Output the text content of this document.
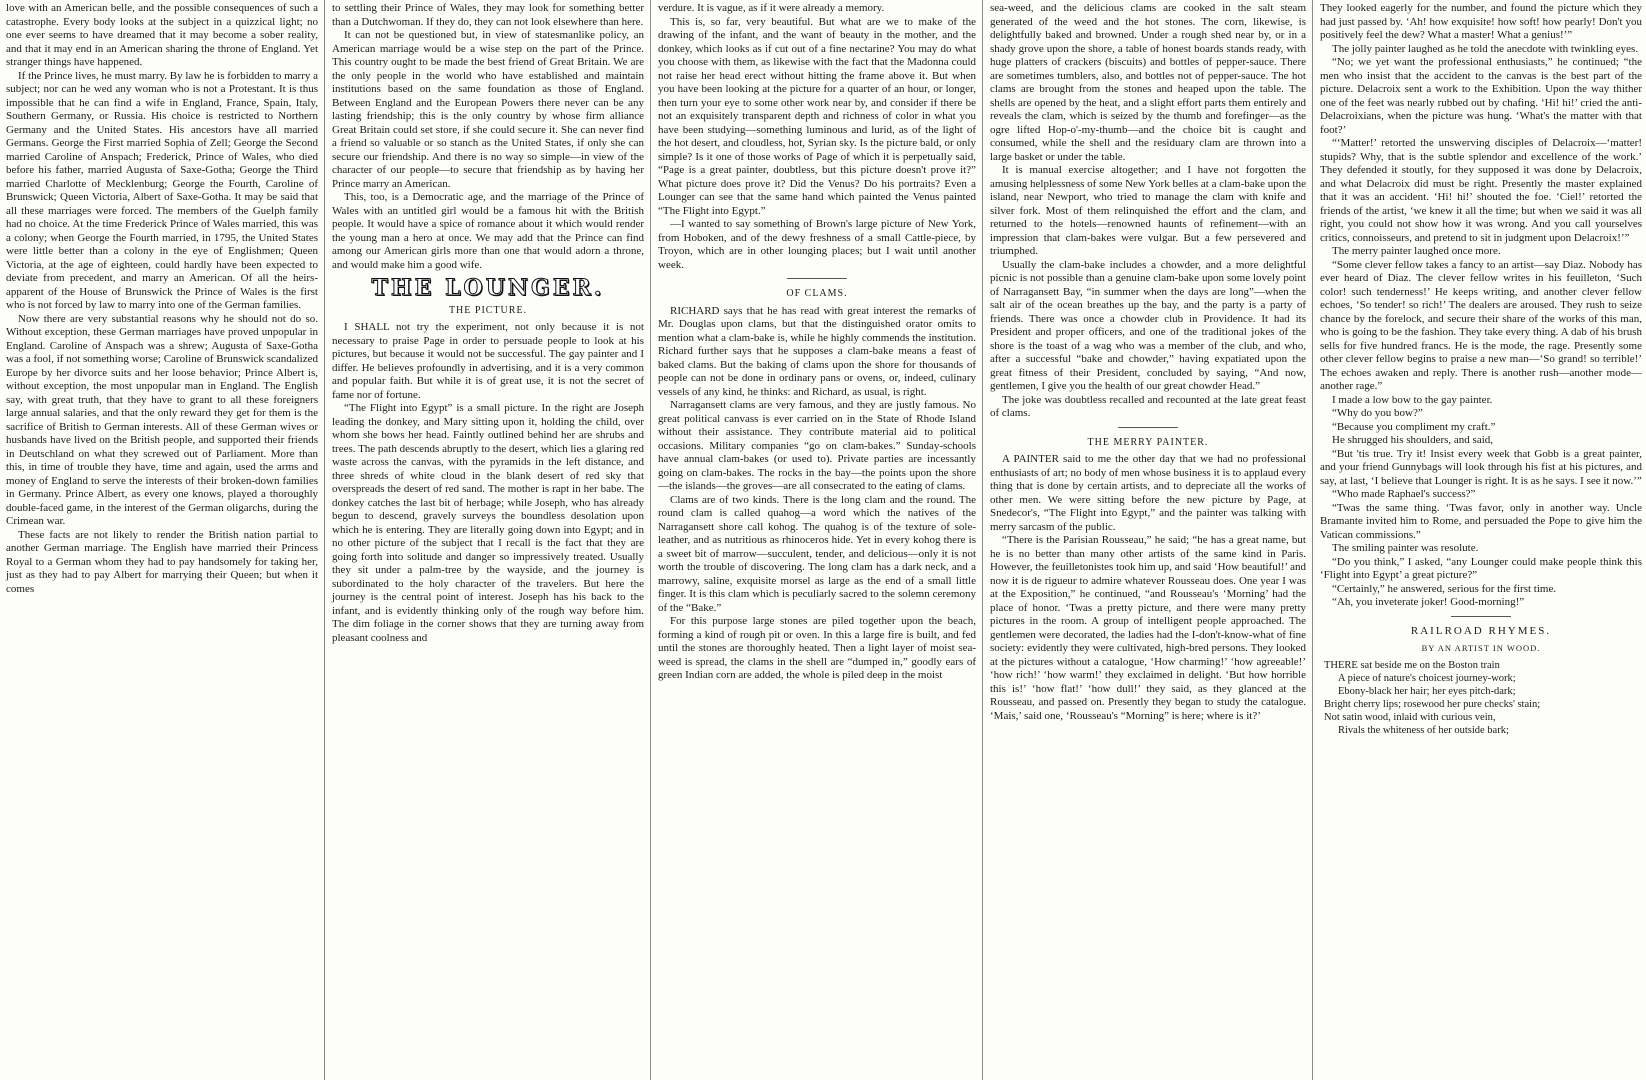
love with an American belle, and the possible consequences of such a catastrophe. Every body looks at the subject in a quizzical light; no one ever seems to have dreamed that it may become a sober reality, and that it may end in an American sharing the throne of England. Yet stranger things have happened.

If the Prince lives, he must marry. By law he is forbidden to marry a subject; nor can he wed any woman who is not a Protestant. It is thus impossible that he can find a wife in England, France, Spain, Italy, Southern Germany, or Russia. His choice is restricted to Northern Germany and the United States. His ancestors have all married Germans. George the First married Sophia of Zell; George the Second married Caroline of Anspach; Frederick, Prince of Wales, who died before his father, married Augusta of Saxe-Gotha; George the Third married Charlotte of Mecklenburg; George the Fourth, Caroline of Brunswick; Queen Victoria, Albert of Saxe-Gotha. It may be said that all these marriages were forced. The members of the Guelph family had no choice. At the time Frederick Prince of Wales married, this was a colony; when George the Fourth married, in 1795, the United States were little better than a colony in the eye of Englishmen; Queen Victoria, at the age of eighteen, could hardly have been expected to deviate from precedent, and marry an American. Of all the heirs-apparent of the House of Brunswick the Prince of Wales is the first who is not forced by law to marry into one of the German families.

Now there are very substantial reasons why he should not do so. Without exception, these German marriages have proved unpopular in England. Caroline of Anspach was a shrew; Augusta of Saxe-Gotha was a fool, if not something worse; Caroline of Brunswick scandalized Europe by her divorce suits and her loose behavior; Prince Albert is, without exception, the most unpopular man in England. The English say, with great truth, that they have to grant to all these foreigners large annual salaries, and that the only reward they get for them is the sacrifice of British to German interests. All of these German wives or husbands have lived on the British people, and supported their friends in Deutschland on what they screwed out of Parliament. More than this, in time of trouble they have, time and again, used the arms and money of England to serve the interests of their broken-down families in Germany. Prince Albert, as every one knows, played a thoroughly double-faced game, in the interest of the German oligarchs, during the Crimean war.

These facts are not likely to render the British nation partial to another German marriage. The English have married their Princess Royal to a German whom they had to pay handsomely for taking her, just as they had to pay Albert for marrying their Queen; but when it comes

to settling their Prince of Wales, they may look for something better than a Dutchwoman. If they do, they can not look elsewhere than here.

It can not be questioned but, in view of statesmanlike policy, an American marriage would be a wise step on the part of the Prince. This country ought to be made the best friend of Great Britain. We are the only people in the world who have established and maintain institutions based on the same foundation as those of England. Between England and the European Powers there never can be any lasting friendship; this is the only country by whose firm alliance Great Britain could set store, if she could secure it. She can never find a friend so valuable or so stanch as the United States, if only she can secure our friendship. And there is no way so simple—in view of the character of our people—to secure that friendship as by having her Prince marry an American.

This, too, is a Democratic age, and the marriage of the Prince of Wales with an untitled girl would be a famous hit with the British people. It would have a spice of romance about it which would render the young man a hero at once. We may add that the Prince can find among our American girls more than one that would adorn a throne, and would make him a good wife.

THE LOUNGER.
THE PICTURE.

I SHALL not try the experiment, not only because it is not necessary to praise Page in order to persuade people to look at his pictures, but because it would not be successful. The gay painter and I differ. He believes profoundly in advertising, and it is a very common and popular faith. But while it is of great use, it is not the secret of fame nor of fortune.

“The Flight into Egypt” is a small picture. In the right are Joseph leading the donkey, and Mary sitting upon it, holding the child, over whom she bows her head. Faintly outlined behind her are shrubs and trees. The path descends abruptly to the desert, which lies a glaring red waste across the canvas, with the pyramids in the left distance, and three shreds of white cloud in the blank desert of red sky that overspreads the desert of red sand. The mother is rapt in her babe. The donkey catches the last bit of herbage; while Joseph, who has already begun to descend, gravely surveys the boundless desolation upon which he is entering. They are literally going down into Egypt; and in no other picture of the subject that I recall is the fact that they are going forth into solitude and danger so impressively treated. Usually they sit under a palm-tree by the wayside, and the journey is subordinated to the holy character of the travelers. But here the journey is the central point of interest. Joseph has his back to the infant, and is evidently thinking only of the rough way before him. The dim foliage in the corner shows that they are turning away from pleasant coolness and

verdure. It is vague, as if it were already a memory.

This is, so far, very beautiful. But what are we to make of the drawing of the infant, and the want of beauty in the mother, and the donkey, which looks as if cut out of a fine nectarine? You may do what you choose with them, as likewise with the fact that the Madonna could not raise her head erect without hitting the frame above it. But when you have been looking at the picture for a quarter of an hour, or longer, then turn your eye to some other work near by, and consider if there be not an exquisitely transparent depth and richness of color in what you have been studying—something luminous and lurid, as of the light of the hot desert, and cloudless, hot, Syrian sky. Is the picture bald, or only simple? Is it one of those works of Page of which it is perpetually said, “Page is a great painter, doubtless, but this picture doesn't prove it?” What picture does prove it? Did the Venus? Do his portraits? Even a Lounger can see that the same hand which painted the Venus painted “The Flight into Egypt.”

—I wanted to say something of Brown's large picture of New York, from Hoboken, and of the dewy freshness of a small Cattle-piece, by Troyon, which are in other lounging places; but I wait until another week.

OF CLAMS.

RICHARD says that he has read with great interest the remarks of Mr. Douglas upon clams, but that the distinguished orator omits to mention what a clam-bake is, while he highly commends the institution. Richard further says that he supposes a clam-bake means a feast of baked clams. But the baking of clams upon the shore for thousands of people can not be done in ordinary pans or ovens, or, indeed, culinary vessels of any kind, he thinks: and Richard, as usual, is right.

Narragansett clams are very famous, and they are justly famous. No great political canvass is ever carried on in the State of Rhode Island without their assistance. They contribute material aid to political occasions. Military companies “go on clam-bakes.” Sunday-schools have annual clam-bakes (or used to). Private parties are incessantly going on clam-bakes. The rocks in the bay—the points upon the shore—the islands—the groves—are all consecrated to the eating of clams.

Clams are of two kinds. There is the long clam and the round. The round clam is called quahog—a word which the natives of the Narragansett shore call kohog. The quahog is of the texture of sole-leather, and as nutritious as rhinoceros hide. Yet in every kohog there is a sweet bit of marrow—succulent, tender, and delicious—only it is not worth the trouble of discovering. The long clam has a dark neck, and a marrowy, saline, exquisite morsel as large as the end of a small little finger. It is this clam which is peculiarly sacred to the solemn ceremony of the “Bake.”

For this purpose large stones are piled together upon the beach, forming a kind of rough pit or oven. In this a large fire is built, and fed until the stones are thoroughly heated. Then a light layer of moist sea-weed is spread, the clams in the shell are “dumped in,” goodly ears of green Indian corn are added, the whole is piled deep in the moist

sea-weed, and the delicious clams are cooked in the salt steam generated of the weed and the hot stones. The corn, likewise, is delightfully baked and browned. Under a rough shed near by, or in a shady grove upon the shore, a table of honest boards stands ready, with huge platters of crackers (biscuits) and bottles of pepper-sauce. There are sometimes tumblers, also, and bottles not of pepper-sauce. The hot clams are brought from the stones and heaped upon the table. The shells are opened by the heat, and a slight effort parts them entirely and reveals the clam, which is seized by the thumb and forefinger—as the ogre lifted Hop-o'-my-thumb—and the choice bit is caught and consumed, while the shell and the residuary clam are thrown into a large basket or under the table.

It is manual exercise altogether; and I have not forgotten the amusing helplessness of some New York belles at a clam-bake upon the island, near Newport, who tried to manage the clam with knife and silver fork. Most of them relinquished the effort and the clam, and returned to the hotels—renowned haunts of refinement—with an impression that clam-bakes were vulgar. But a few persevered and triumphed.

Usually the clam-bake includes a chowder, and a more delightful picnic is not possible than a genuine clam-bake upon some lovely point of Narragansett Bay, “in summer when the days are long”—when the salt air of the ocean breathes up the bay, and the party is a party of friends. There was once a chowder club in Providence. It had its President and proper officers, and one of the traditional jokes of the shore is the toast of a wag who was a member of the club, and who, after a successful “bake and chowder,” having expatiated upon the great fitness of their President, concluded by saying, “And now, gentlemen, I give you the health of our great chowder Head.”

The joke was doubtless recalled and recounted at the late great feast of clams.

THE MERRY PAINTER.

A PAINTER said to me the other day that we had no professional enthusiasts of art; no body of men whose business it is to applaud every thing that is done by certain artists, and to depreciate all the works of other men. We were sitting before the new picture by Page, at Snedecor's, “The Flight into Egypt,” and the painter was talking with merry sarcasm of the public.

“There is the Parisian Rousseau,” he said; “he has a great name, but he is no better than many other artists of the same kind in Paris. However, the feuilletonistes took him up, and said ‘How beautiful!’ and now it is de rigueur to admire whatever Rousseau does. One year I was at the Exposition,” he continued, “and Rousseau's ‘Morning’ had the place of honor. ‘Twas a pretty picture, and there were many pretty pictures in the room. A group of intelligent people approached. The gentlemen were decorated, the ladies had the I-don't-know-what of fine society: evidently they were cultivated, high-bred persons. They looked at the pictures without a catalogue, ‘How charming!’ ‘how agreeable!’ ‘how rich!’ ‘how warm!’ they exclaimed in delight. ‘But how horrible this is!’ ‘how flat!’ ‘how dull!’ they said, as they glanced at the Rousseau, and passed on. Presently they began to study the catalogue. ‘Mais,’ said one, ‘Rousseau's “Morning” is here; where is it?’

They looked eagerly for the number, and found the picture which they had just passed by. ‘Ah! how exquisite! how soft! how pearly! Don't you positively feel the dew? What a master! What a genius!’”

The jolly painter laughed as he told the anecdote with twinkling eyes.

“No; we yet want the professional enthusiasts,” he continued; “the men who insist that the accident to the canvas is the best part of the picture. Delacroix sent a work to the Exhibition. Upon the way thither one of the feet was nearly rubbed out by chafing. ‘Hi! hi!’ cried the anti-Delacroixians, when the picture was hung. ‘What's the matter with that foot?’

“‘Matter!’ retorted the unswerving disciples of Delacroix—‘matter! stupids? Why, that is the subtle splendor and excellence of the work.’ They defended it stoutly, for they supposed it was done by Delacroix, and what Delacroix did must be right. Presently the master explained that it was an accident. ‘Hi! hi!’ shouted the foe. ‘Ciel!’ retorted the friends of the artist, ‘we knew it all the time; but when we said it was all right, you could not show how it was wrong. And you call yourselves critics, connoisseurs, and pretend to sit in judgment upon Delacroix!’”

The merry painter laughed once more.

“Some clever fellow takes a fancy to an artist—say Diaz. Nobody has ever heard of Diaz. The clever fellow writes in his feuilleton, ‘Such color! such tenderness!’ He keeps writing, and another clever fellow echoes, ‘So tender! so rich!’ The dealers are aroused. They rush to seize chance by the forelock, and secure their share of the works of this man, who is going to be the fashion. They take every thing. A dab of his brush sells for five hundred francs. He is the mode, the rage. Presently some other clever fellow begins to praise a new man—‘So grand! so terrible!’ The echoes awaken and reply. There is another rush—another mode—another rage.”

I made a low bow to the gay painter.

“Why do you bow?”

“Because you compliment my craft.”

He shrugged his shoulders, and said,

“But 'tis true. Try it! Insist every week that Gobb is a great painter, and your friend Gunnybags will look through his fist at his pictures, and say, at last, ‘I believe that Lounger is right. It is as he says. I see it now.’”

“Who made Raphael's success?”

“Twas the same thing. ‘Twas favor, only in another way. Uncle Bramante invited him to Rome, and persuaded the Pope to give him the Vatican commissions.”

The smiling painter was resolute.

“Do you think,” I asked, “any Lounger could make people think this ‘Flight into Egypt’ a great picture?”

“Certainly,” he answered, serious for the first time.

“Ah, you inveterate joker! Good-morning!”

RAILROAD RHYMES.
BY AN ARTIST IN WOOD.
THERE sat beside me on the Boston train
A piece of nature's choicest journey-work;
Ebony-black her hair; her eyes pitch-dark;
Bright cherry lips; rosewood her pure checks' stain;
Not satin wood, inlaid with curious vein,
Rivals the whiteness of her outside bark;
